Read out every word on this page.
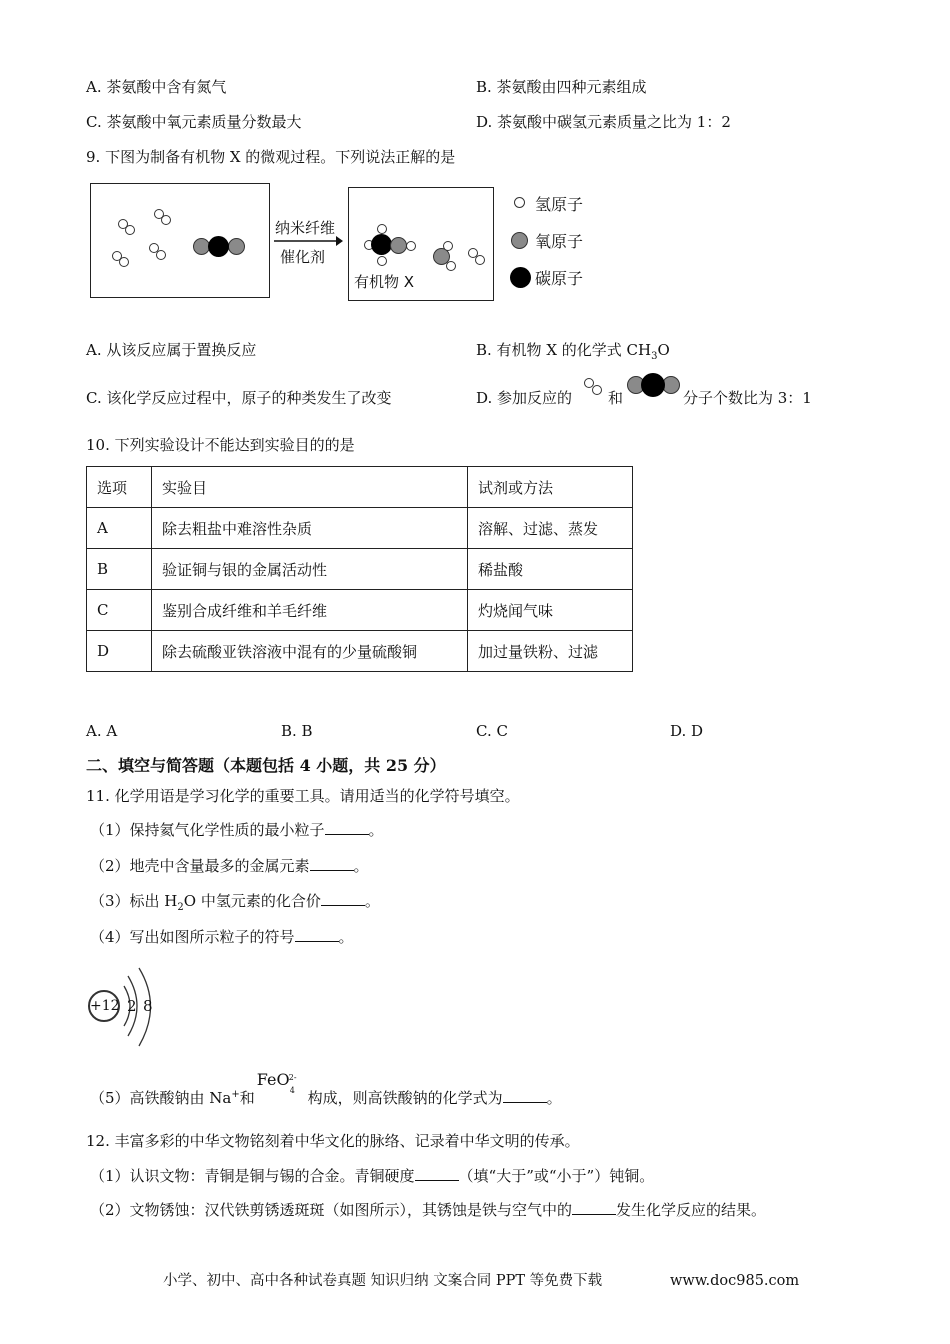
A. 茶氨酸中含有氮气	B. 茶氨酸由四种元素组成
C. 茶氨酸中氧元素质量分数最大	D. 茶氨酸中碳氢元素质量之比为 1：2
9. 下图为制备有机物 X 的微观过程。下列说法正解的是
纳米纤维
催化剂
有机物 X
氢原子
氧原子
碳原子
A. 从该反应属于置换反应	B. 有机物 X 的化学式 $CH_3O$
C. 该化学反应过程中，原子的种类发生了改变	D. 参加反应的 和	分子个数比为 3：1
10. 下列实验设计不能达到实验目的的是
选项	实验目	试剂或方法
A	除去粗盐中难溶性杂质	溶解、过滤、蒸发
B	验证铜与银的金属活动性	稀盐酸
C	鉴别合成纤维和羊毛纤维	灼烧闻气味
D	除去硫酸亚铁溶液中混有的少量硫酸铜	加过量铁粉、过滤
A. A	B. B	C. C	D. D
二、填空与简答题（本题包括 4 小题，共 25 分）
11. 化学用语是学习化学的重要工具。请用适当的化学符号填空。
（1）保持氦气化学性质的最小粒子	。
（2）地壳中含量最多的金属元素	。
（3）标出 $H_2O$ 中氢元素的化合价	。
（4）写出如图所示粒子的符号	。
+12 2 8
（5）高铁酸钠由 Na+和
FeO 2-
4 构成，则高铁酸钠的化学式为	。
12. 丰富多彩的中华文物铭刻着中华文化的脉络、记录着中华文明的传承。
（1）认识文物：青铜是铜与锡的合金。青铜硬度	（填“大于”或“小于”）钝铜。
（2）文物锈蚀：汉代铁剪锈透斑斑（如图所示），其锈蚀是铁与空气中的	发生化学反应的结果。
小学、初中、高中各种试卷真题 知识归纳 文案合同 PPT 等免费下载	www.doc985.com
